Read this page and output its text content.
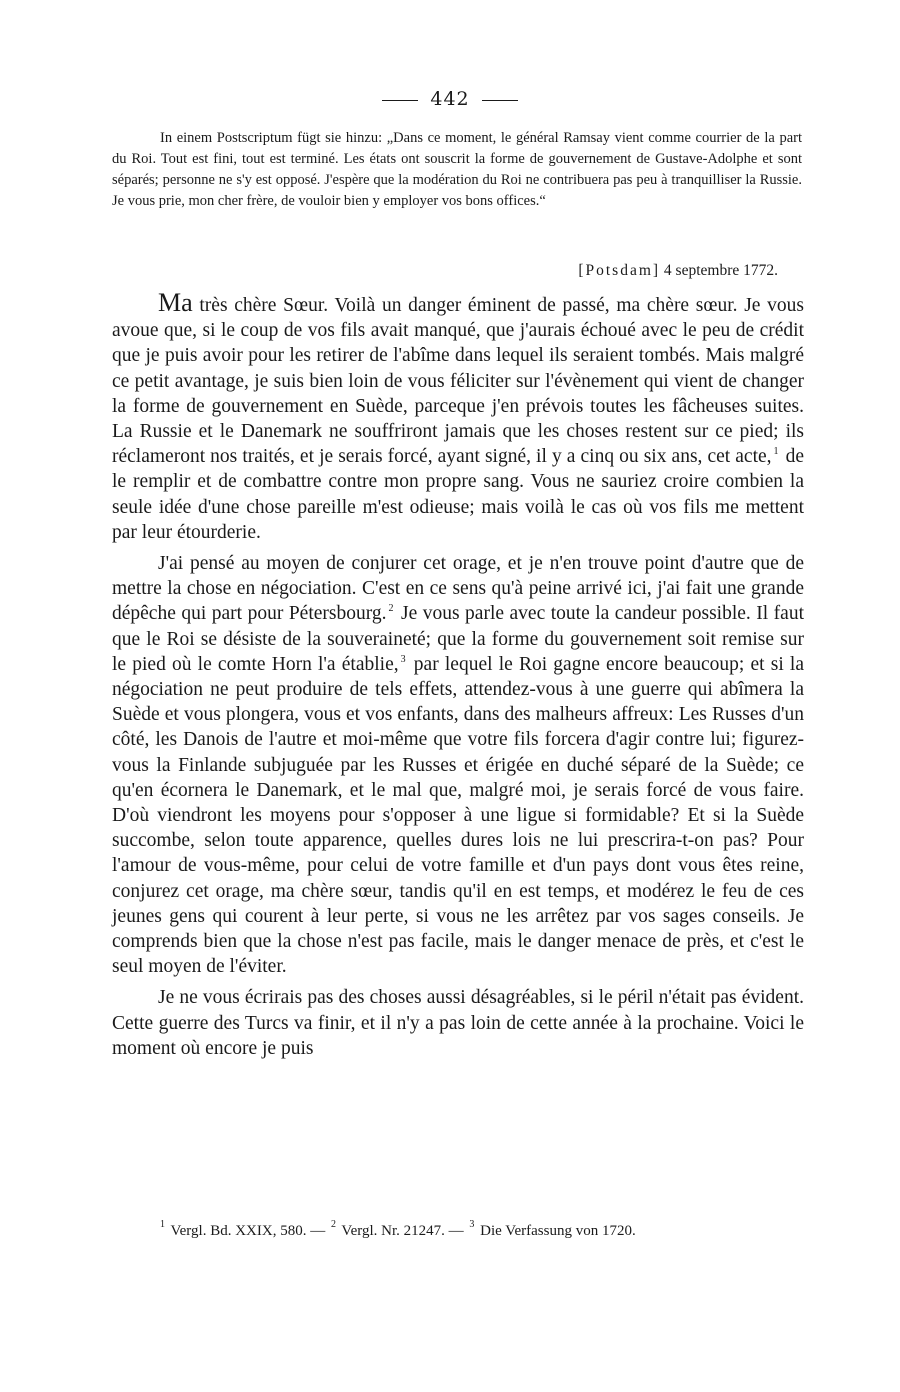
442

In einem Postscriptum fügt sie hinzu: „Dans ce moment, le général Ramsay vient comme courrier de la part du Roi. Tout est fini, tout est terminé. Les états ont souscrit la forme de gouvernement de Gustave-Adolphe et sont séparés; personne ne s'y est opposé. J'espère que la modération du Roi ne contribuera pas peu à tranquilliser la Russie. Je vous prie, mon cher frère, de vouloir bien y employer vos bons offices.“

[Potsdam] 4 septembre 1772.

Ma très chère Sœur. Voilà un danger éminent de passé, ma chère sœur. Je vous avoue que, si le coup de vos fils avait manqué, que j'aurais échoué avec le peu de crédit que je puis avoir pour les retirer de l'abîme dans lequel ils seraient tombés. Mais malgré ce petit avantage, je suis bien loin de vous féliciter sur l'évènement qui vient de changer la forme de gouvernement en Suède, parceque j'en prévois toutes les fâcheuses suites. La Russie et le Danemark ne souffriront jamais que les choses restent sur ce pied; ils réclameront nos traités, et je serais forcé, ayant signé, il y a cinq ou six ans, cet acte, $^1$ de le remplir et de combattre contre mon propre sang. Vous ne sauriez croire combien la seule idée d'une chose pareille m'est odieuse; mais voilà le cas où vos fils me mettent par leur étourderie.

J'ai pensé au moyen de conjurer cet orage, et je n'en trouve point d'autre que de mettre la chose en négociation. C'est en ce sens qu'à peine arrivé ici, j'ai fait une grande dépêche qui part pour Pétersbourg. $^2$ Je vous parle avec toute la candeur possible. Il faut que le Roi se désiste de la souveraineté; que la forme du gouvernement soit remise sur le pied où le comte Horn l'a établie, $^3$ par lequel le Roi gagne encore beaucoup; et si la négociation ne peut produire de tels effets, attendez-vous à une guerre qui abîmera la Suède et vous plongera, vous et vos enfants, dans des malheurs affreux: Les Russes d'un côté, les Danois de l'autre et moi-même que votre fils forcera d'agir contre lui; figurez-vous la Finlande subjuguée par les Russes et érigée en duché séparé de la Suède; ce qu'en écornera le Danemark, et le mal que, malgré moi, je serais forcé de vous faire. D'où viendront les moyens pour s'opposer à une ligue si formidable? Et si la Suède succombe, selon toute apparence, quelles dures lois ne lui prescrira-t-on pas? Pour l'amour de vous-même, pour celui de votre famille et d'un pays dont vous êtes reine, conjurez cet orage, ma chère sœur, tandis qu'il en est temps, et modérez le feu de ces jeunes gens qui courent à leur perte, si vous ne les arrêtez par vos sages conseils. Je comprends bien que la chose n'est pas facile, mais le danger menace de près, et c'est le seul moyen de l'éviter.

Je ne vous écrirais pas des choses aussi désagréables, si le péril n'était pas évident. Cette guerre des Turcs va finir, et il n'y a pas loin de cette année à la prochaine. Voici le moment où encore je puis

$^1$ Vergl. Bd. XXIX, 580. — $^2$ Vergl. Nr. 21247. — $^3$ Die Verfassung von 1720.
